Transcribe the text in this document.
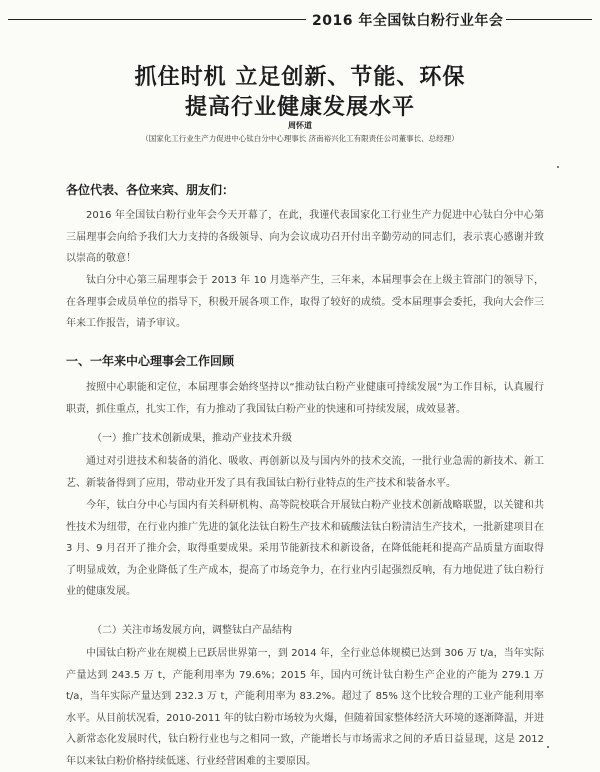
2016 年全国钛白粉行业年会
抓住时机 立足创新、节能、环保
提高行业健康发展水平
周怀道
（国家化工行业生产力促进中心钛白分中心理事长 济南裕兴化工有限责任公司董事长、总经理）
各位代表、各位来宾、朋友们：
2016 年全国钛白粉行业年会今天开幕了，在此，我谨代表国家化工行业生产力促进中心钛白分中心第三届理事会向给予我们大力支持的各级领导、向为会议成功召开付出辛勤劳动的同志们，表示衷心感谢并致以崇高的敬意！
钛白分中心第三届理事会于 2013 年 10 月选举产生，三年来，本届理事会在上级主管部门的领导下，在各理事会成员单位的指导下，积极开展各项工作，取得了较好的成绩。受本届理事会委托，我向大会作三年来工作报告，请予审议。
一、一年来中心理事会工作回顾
按照中心职能和定位，本届理事会始终坚持以“推动钛白粉产业健康可持续发展”为工作目标，认真履行职责，抓住重点，扎实工作，有力推动了我国钛白粉产业的快速和可持续发展，成效显著。
（一）推广技术创新成果，推动产业技术升级
通过对引进技术和装备的消化、吸收、再创新以及与国内外的技术交流，一批行业急需的新技术、新工艺、新装备得到了应用，带动业开发了具有我国钛白粉行业特点的生产技术和装备水平。
今年，钛白分中心与国内有关科研机构、高等院校联合开展钛白粉产业技术创新战略联盟，以关键和共性技术为纽带，在行业内推广先进的氯化法钛白粉生产技术和硫酸法钛白粉清洁生产技术，一批新建项目在 3 月、9 月召开了推介会，取得重要成果。采用节能新技术和新设备，在降低能耗和提高产品质量方面取得了明显成效，为企业降低了生产成本，提高了市场竞争力，在行业内引起强烈反响，有力地促进了钛白粉行业的健康发展。
（二）关注市场发展方向，调整钛白产品结构
中国钛白粉产业在规模上已跃居世界第一，到 2014 年，全行业总体规模已达到 306 万 t/a，当年实际产量达到 243.5 万 t，产能利用率为 79.6%；2015 年，国内可统计钛白粉生产企业的产能为 279.1 万 t/a，当年实际产量达到 232.3 万 t，产能利用率为 83.2%。超过了 85% 这个比较合理的工业产能利用率水平。从目前状况看，2010-2011 年的钛白粉市场较为火爆，但随着国家整体经济大环境的逐渐降温，并进入新常态化发展时代，钛白粉行业也与之相同一致，产能增长与市场需求之间的矛盾日益显现，这是 2012 年以来钛白粉价格持续低迷、行业经营困难的主要原因。
